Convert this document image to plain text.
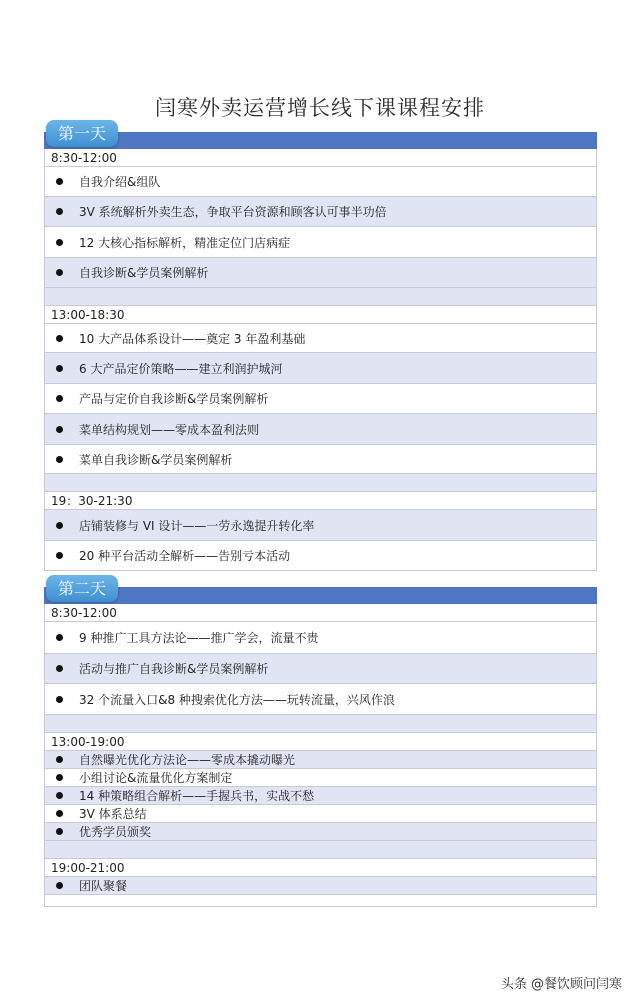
闫寒外卖运营增长线下课课程安排
第一天
8:30-12:00
自我介绍&组队
3V 系统解析外卖生态，争取平台资源和顾客认可事半功倍
12 大核心指标解析，精准定位门店病症
自我诊断&学员案例解析
13:00-18:30
10 大产品体系设计——奠定 3 年盈利基础
6 大产品定价策略——建立利润护城河
产品与定价自我诊断&学员案例解析
菜单结构规划——零成本盈利法则
菜单自我诊断&学员案例解析
19：30-21:30
店铺装修与 VI 设计——一劳永逸提升转化率
20 种平台活动全解析——告别亏本活动
第二天
8:30-12:00
9 种推广工具方法论——推广学会，流量不贵
活动与推广自我诊断&学员案例解析
32 个流量入口&8 种搜索优化方法——玩转流量，兴风作浪
13:00-19:00
自然曝光优化方法论——零成本撬动曝光
小组讨论&流量优化方案制定
14 种策略组合解析——手握兵书，实战不愁
3V 体系总结
优秀学员颁奖
19:00-21:00
团队聚餐
头条 @餐饮顾问闫寒
